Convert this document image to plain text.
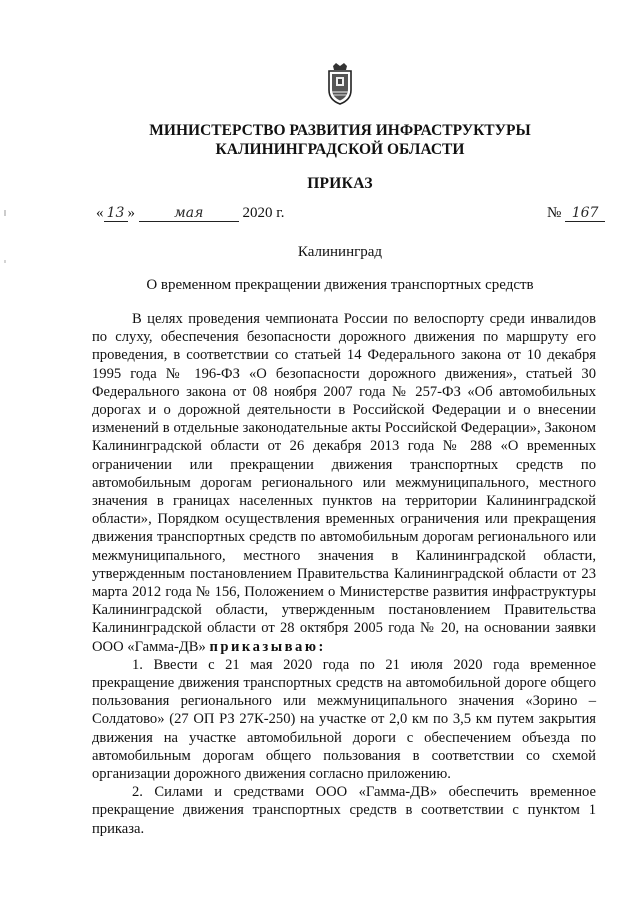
МИНИСТЕРСТВО РАЗВИТИЯ ИНФРАСТРУКТУРЫ
КАЛИНИНГРАДСКОЙ ОБЛАСТИ
ПРИКАЗ
« 13 »	мая	2020 г.	№ 167
Калининград
О временном прекращении движения транспортных средств

В целях проведения чемпионата России по велоспорту среди инвалидов по слуху, обеспечения безопасности дорожного движения по маршруту его проведения, в соответствии со статьей 14 Федерального закона от 10 декабря 1995 года № 196-ФЗ «О безопасности дорожного движения», статьей 30 Федерального закона от 08 ноября 2007 года № 257-ФЗ «Об автомобильных дорогах и о дорожной деятельности в Российской Федерации и о внесении изменений в отдельные законодательные акты Российской Федерации», Законом Калининградской области от 26 декабря 2013 года № 288 «О временных ограничении или прекращении движения транспортных средств по автомобильным дорогам регионального или межмуниципального, местного значения в границах населенных пунктов на территории Калининградской области», Порядком осуществления временных ограничения или прекращения движения транспортных средств по автомобильным дорогам регионального или межмуниципального, местного значения в Калининградской области, утвержденным постановлением Правительства Калининградской области от 23 марта 2012 года № 156, Положением о Министерстве развития инфраструктуры Калининградской области, утвержденным постановлением Правительства Калининградской области от 28 октября 2005 года № 20, на основании заявки ООО «Гамма-ДВ» приказываю:

1. Ввести с 21 мая 2020 года по 21 июля 2020 года временное прекращение движения транспортных средств на автомобильной дороге общего пользования регионального или межмуниципального значения «Зорино – Солдатово» (27 ОП РЗ 27К-250) на участке от 2,0 км по 3,5 км путем закрытия движения на участке автомобильной дороги с обеспечением объезда по автомобильным дорогам общего пользования в соответствии со схемой организации дорожного движения согласно приложению.

2. Силами и средствами ООО «Гамма-ДВ» обеспечить временное прекращение движения транспортных средств в соответствии с пунктом 1 приказа.
